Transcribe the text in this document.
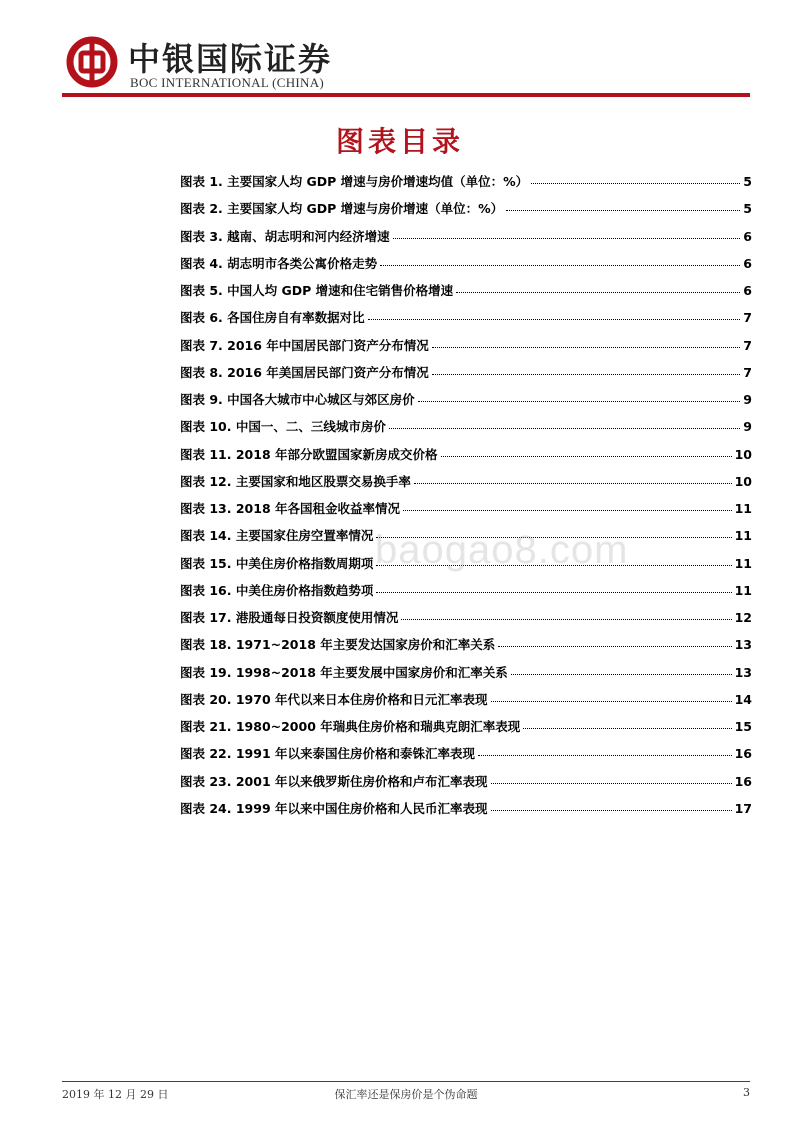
中银国际证券
BOC INTERNATIONAL (CHINA)
图表目录
图表 1. 主要国家人均 GDP 增速与房价增速均值（单位：%）	5
图表 2. 主要国家人均 GDP 增速与房价增速（单位：%）	5
图表 3. 越南、胡志明和河内经济增速	6
图表 4. 胡志明市各类公寓价格走势	6
图表 5. 中国人均 GDP 增速和住宅销售价格增速	6
图表 6. 各国住房自有率数据对比	7
图表 7. 2016 年中国居民部门资产分布情况	7
图表 8. 2016 年美国居民部门资产分布情况	7
图表 9. 中国各大城市中心城区与郊区房价	9
图表 10. 中国一、二、三线城市房价	9
图表 11. 2018 年部分欧盟国家新房成交价格	10
图表 12. 主要国家和地区股票交易换手率	10
图表 13. 2018 年各国租金收益率情况	11
图表 14. 主要国家住房空置率情况	11
图表 15. 中美住房价格指数周期项	11
图表 16. 中美住房价格指数趋势项	11
图表 17. 港股通每日投资额度使用情况	12
图表 18. 1971~2018 年主要发达国家房价和汇率关系	13
图表 19. 1998~2018 年主要发展中国家房价和汇率关系	13
图表 20. 1970 年代以来日本住房价格和日元汇率表现	14
图表 21. 1980~2000 年瑞典住房价格和瑞典克朗汇率表现	15
图表 22. 1991 年以来泰国住房价格和泰铢汇率表现	16
图表 23. 2001 年以来俄罗斯住房价格和卢布汇率表现	16
图表 24. 1999 年以来中国住房价格和人民币汇率表现	17
baogao8.com
2019 年 12 月 29 日	保汇率还是保房价是个伪命题	3
